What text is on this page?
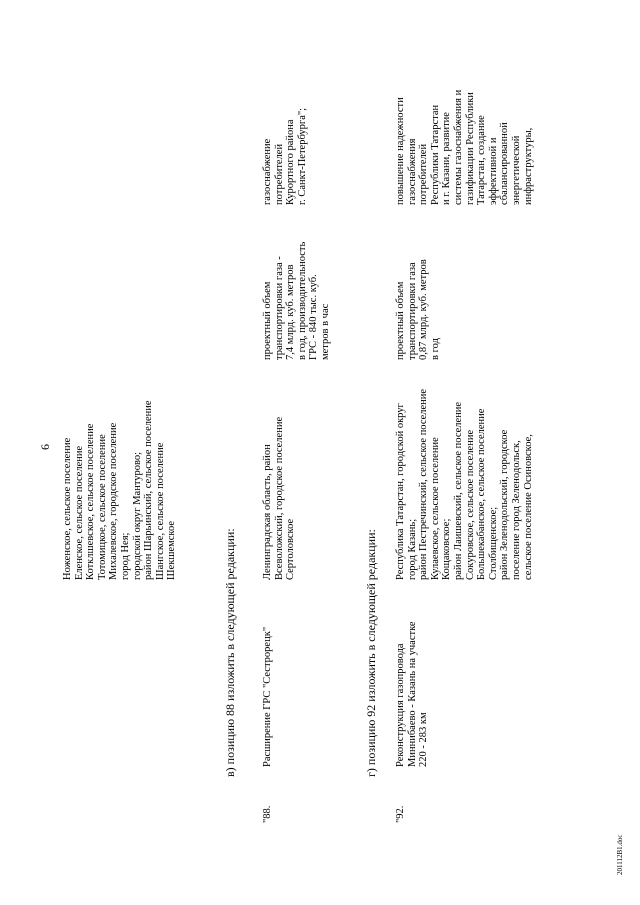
6
Ноженское, сельское поселение
Еленское, сельское поселение
Котклшевское, сельское поселение
Тотомицкое, сельское поселение
Михалевское, городское поселение
город Нея;
городской округ Мантурово;
район Шарьинский, сельское поселение
Шангское, сельское поселение
Шекшемское	в) позицию 88 изложить в следующей редакции:
"88.
Расширение ГРС "Сестрорецк"
Ленинградская область, район
Всеволожский, городское поселение
Сертоловское
проектный объем
транспортировки газа -
7,4 млрд. куб. метров
в год, производительность
ГРС - 840 тыс. куб.
метров в час
газоснабжение
потребителей
Курортного района
г. Санкт-Петербурга";
г) позицию 92 изложить в следующей редакции:
"92.
Реконструкция газопровода
Миннибаево - Казань на участке
220 - 283 км
Республика Татарстан, городской округ
город Казань;
район Пестречинский, сельское поселение
Кулаевское, сельское поселение
Кощаковское;
район Лаишевский, сельское поселение
Сокуровское, сельское поселение
Большекабанское, сельское поселение
Столбищенское;
район Зеленодольский, городское
поселение город Зеленодольск,
сельское поселение Осиновское,
проектный объем
транспортировки газа
0,87 млрд. куб. метров
в год
повышение надежности
газоснабжения
потребителей
Республики Татарстан
и г. Казани, развитие
системы газоснабжения и
газификации Республики
Татарстан, создание
эффективной и
сбалансированной
энергетической
инфраструктуры,
201112B1.doc
